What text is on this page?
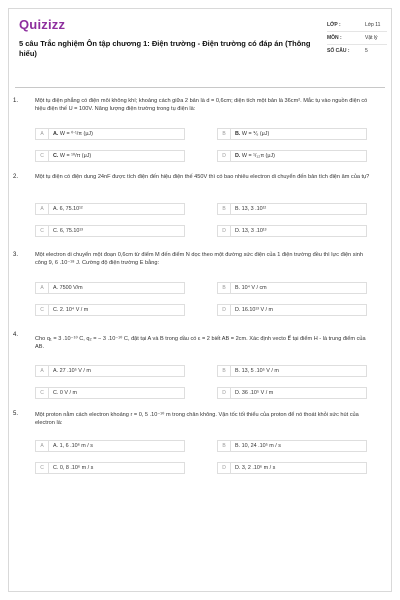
Quizizz
5 câu Trắc nghiệm Ôn tập chương 1: Điện trường - Điện trường có đáp án (Thông hiểu)
LỚP :	Lớp 11
MÔN :	Vật lý
SỐ CÂU :	5
1.	Một tụ điện phẳng có điện môi không khí; khoảng cách giữa 2 bản là d = 0,6cm; diện tích một bản là 36cm². Mắc tụ vào nguồn điện có hiệu điện thế U = 100V. Năng lượng điện trường trong tụ điện là:
A	A. W = ⁰⋅¹/π (μJ)	B	B. W = ⅟₆ (μJ)
C	C. W = ¹⁰/π (μJ)	D	D. W = ¹/₁₂π (μJ)
2.	Một tụ điện có điện dung 24nF được tích điện đến hiệu điện thế 450V thì có bao nhiêu electron di chuyển đến bản tích điện âm của tụ?
A	A. 6, 75.10¹²	B	B. 13, 3 .10¹²
C	C. 6, 75.10¹³	D	D. 13, 3 .10¹³
3.	Một electron di chuyển một đoạn 0,6cm từ điểm M đến điểm N dọc theo một đường sức điện của 1 điện trường đều thì lực điện sinh công 9, 6 .10⁻¹⁸ J. Cường độ điện trường E bằng:
A	A. 7500 V/m	B	B. 10⁴ V / cm
C	C. 2. 10⁴ V / m	D	D. 16.10¹³ V / m
4.
Cho q₁ = 3 .10⁻¹⁰ C, q₂ = − 3 .10⁻¹⁰ C, đặt tại A và B trong dầu có ε = 2 biết AB = 2cm. Xác định vecto E⃗ tại điểm H - là trung điểm của AB.
A	A. 27 .10⁵ V / m	B	B. 13, 5 .10⁵ V / m
C	C. 0 V / m	D	D. 36 .10⁵ V / m
5.	Một proton nằm cách electron khoảng r = 0, 5 .10⁻¹⁰ m trong chân không. Vận tốc tối thiểu của proton để nó thoát khỏi sức hút của electron là:
A	A. 1, 6 .10⁶ m / s	B	B. 10, 24 .10⁵ m / s
C	C. 0, 8 .10⁶ m / s	D	D. 3, 2 .10⁶ m / s
